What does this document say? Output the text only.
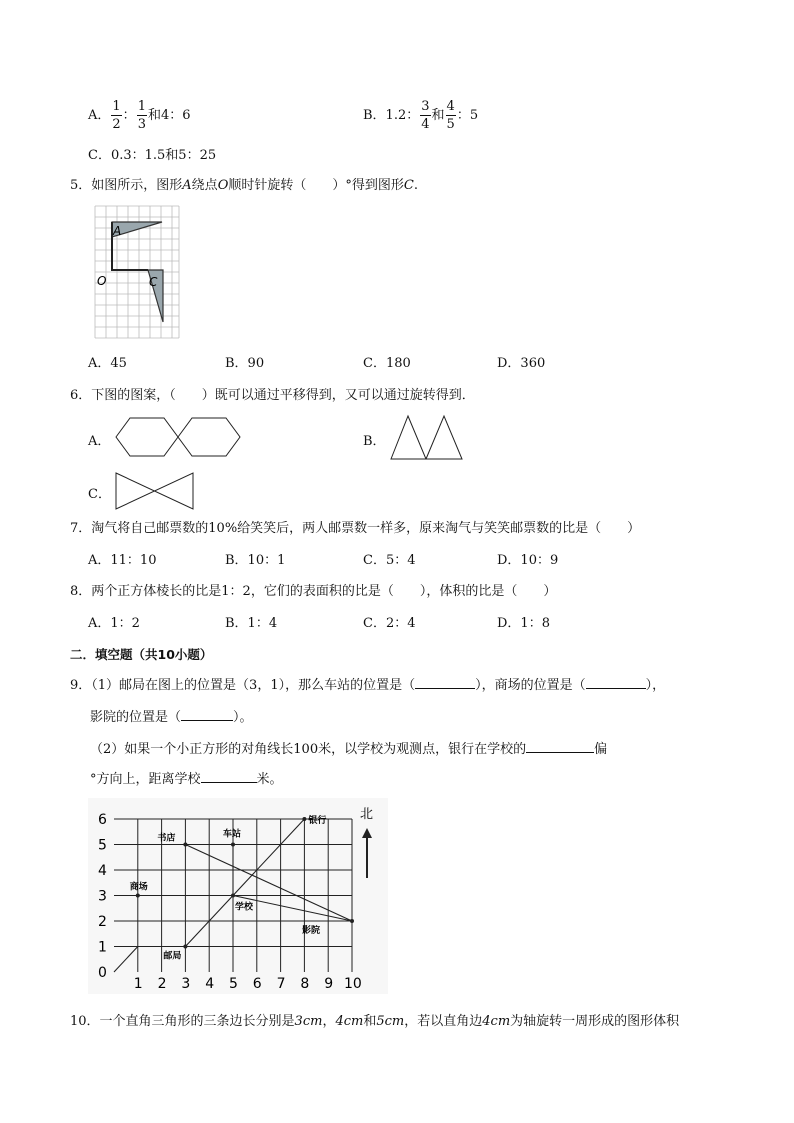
A． $\frac{1}{2}$ ： $\frac{1}{3}$ 和4：6	B．1.2： $\frac{3}{4}$ 和 $\frac{4}{5}$ ：5
C．0.3：1.5和5：25
5．如图所示，图形A绕点O顺时针旋转（　　）°得到图形C.
A
O	C
A．45	B．90	C．180	D．360
6．下图的图案，（　　）既可以通过平移得到，又可以通过旋转得到．
A．	B．
C．
7．淘气将自己邮票数的10%给笑笑后，两人邮票数一样多，原来淘气与笑笑邮票数的比是（　　）
A．11：10	B．10：1	C．5：4	D．10：9
8．两个正方体棱长的比是1：2，它们的表面积的比是（　　），体积的比是（　　）
A．1：2	B．1：4	C．2：4	D．1：8
二．填空题（共10小题）
9．（1）邮局在图上的位置是（3，1），那么车站的位置是（	），商场的位置是（	），
影院的位置是（	）。
（2）如果一个小正方形的对角线长100米，以学校为观测点，银行在学校的	偏
°方向上，距离学校	米。
0
1
2
3
4
5
6
1 2 3 4 5 6 7 8 9 10
书店	车站
银行
商场
学校
影院
邮局
北
10．一个直角三角形的三条边长分别是3cm，4cm和5cm，若以直角边4cm为轴旋转一周形成的图形体积
